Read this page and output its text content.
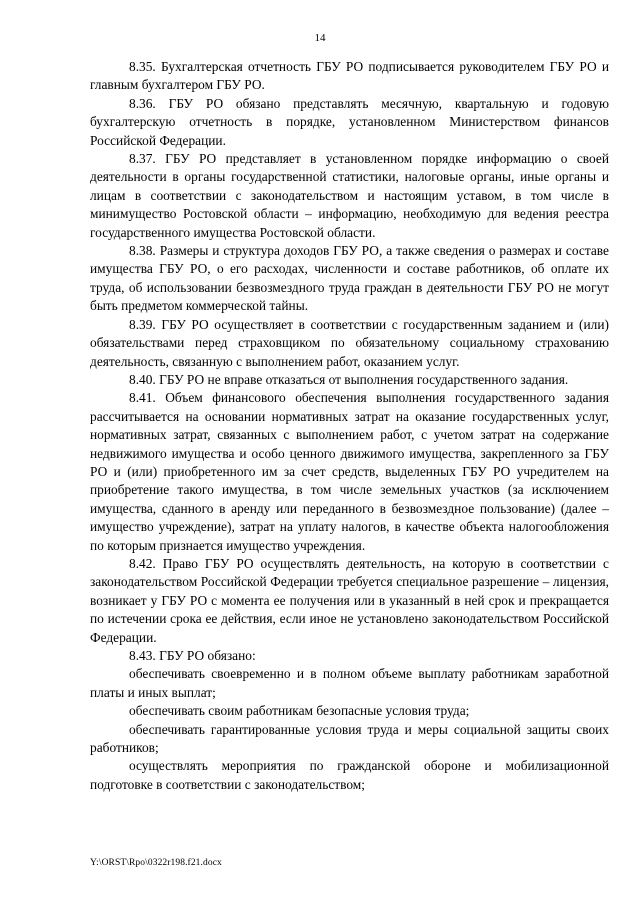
14

8.35. Бухгалтерская отчетность ГБУ РО подписывается руководителем ГБУ РО и главным бухгалтером ГБУ РО.

8.36. ГБУ РО обязано представлять месячную, квартальную и годовую бухгалтерскую отчетность в порядке, установленном Министерством финансов Российской Федерации.

8.37. ГБУ РО представляет в установленном порядке информацию о своей деятельности в органы государственной статистики, налоговые органы, иные органы и лицам в соответствии с законодательством и настоящим уставом, в том числе в минимущество Ростовской области – информацию, необходимую для ведения реестра государственного имущества Ростовской области.

8.38. Размеры и структура доходов ГБУ РО, а также сведения о размерах и составе имущества ГБУ РО, о его расходах, численности и составе работников, об оплате их труда, об использовании безвозмездного труда граждан в деятельности ГБУ РО не могут быть предметом коммерческой тайны.

8.39. ГБУ РО осуществляет в соответствии с государственным заданием и (или) обязательствами перед страховщиком по обязательному социальному страхованию деятельность, связанную с выполнением работ, оказанием услуг.

8.40. ГБУ РО не вправе отказаться от выполнения государственного задания.

8.41. Объем финансового обеспечения выполнения государственного задания рассчитывается на основании нормативных затрат на оказание государственных услуг, нормативных затрат, связанных с выполнением работ, с учетом затрат на содержание недвижимого имущества и особо ценного движимого имущества, закрепленного за ГБУ РО и (или) приобретенного им за счет средств, выделенных ГБУ РО учредителем на приобретение такого имущества, в том числе земельных участков (за исключением имущества, сданного в аренду или переданного в безвозмездное пользование) (далее – имущество учреждение), затрат на уплату налогов, в качестве объекта налогообложения по которым признается имущество учреждения.

8.42. Право ГБУ РО осуществлять деятельность, на которую в соответствии с законодательством Российской Федерации требуется специальное разрешение – лицензия, возникает у ГБУ РО с момента ее получения или в указанный в ней срок и прекращается по истечении срока ее действия, если иное не установлено законодательством Российской Федерации.

8.43. ГБУ РО обязано:

обеспечивать своевременно и в полном объеме выплату работникам заработной платы и иных выплат;

обеспечивать своим работникам безопасные условия труда;

обеспечивать гарантированные условия труда и меры социальной защиты своих работников;

осуществлять мероприятия по гражданской обороне и мобилизационной подготовке в соответствии с законодательством;

Y:\ORST\Rpo\0322r198.f21.docx
